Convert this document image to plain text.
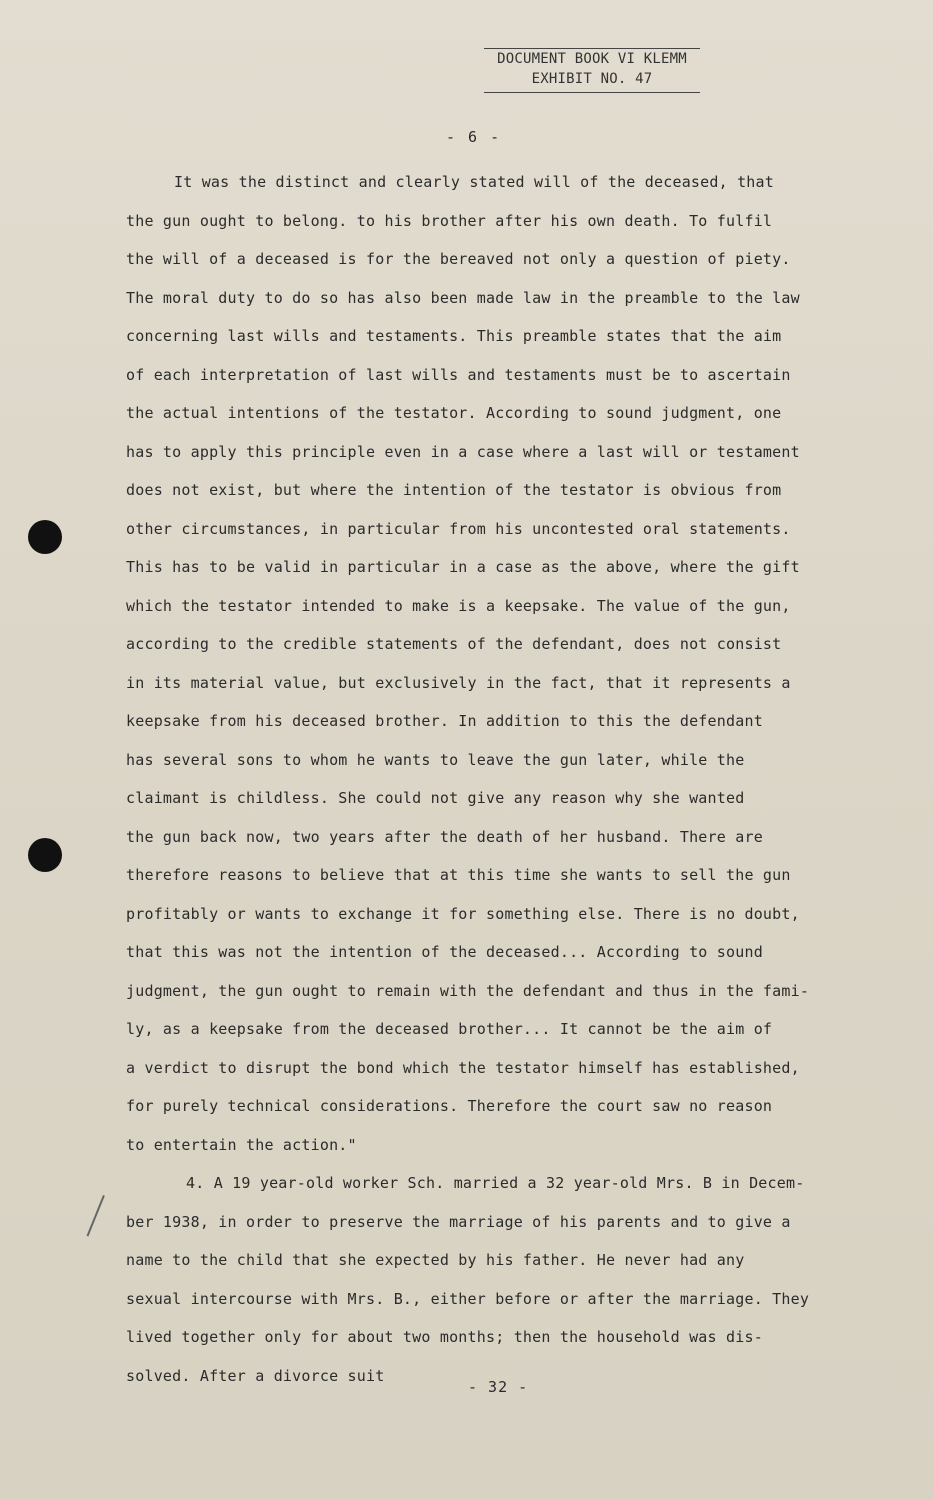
DOCUMENT BOOK VI KLEMM
EXHIBIT NO. 47
- 6 -
It was the distinct and clearly stated will of the deceased, that
the gun ought to belong. to his brother after his own death. To fulfil
the will of a deceased is for the bereaved not only a question of piety.
The moral duty to do so has also been made law in the preamble to the law
concerning last wills and testaments. This preamble states that the aim
of each interpretation of last wills and testaments must be to ascertain
the actual intentions of the testator. According to sound judgment, one
has to apply this principle even in a case where a last will or testament
does not exist, but where the intention of the testator is obvious from
other circumstances, in particular from his uncontested oral statements.
This has to be valid in particular in a case as the above, where the gift
which the testator intended to make is a keepsake. The value of the gun,
according to the credible statements of the defendant, does not consist
in its material value, but exclusively in the fact, that it represents a
keepsake from his deceased brother. In addition to this the defendant
has several sons to whom he wants to leave the gun later, while the
claimant is childless. She could not give any reason why she wanted
the gun back now, two years after the death of her husband. There are
therefore reasons to believe that at this time she wants to sell the gun
profitably or wants to exchange it for something else. There is no doubt,
that this was not the intention of the deceased... According to sound
judgment, the gun ought to remain with the defendant and thus in the fami-
ly, as a keepsake from the deceased brother... It cannot be the aim of
a verdict to disrupt the bond which the testator himself has established,
for purely technical considerations. Therefore the court saw no reason
to entertain the action."
4. A 19 year-old worker Sch. married a 32 year-old Mrs. B in Decem-
ber 1938, in order to preserve the marriage of his parents and to give a
name to the child that she expected by his father. He never had any
sexual intercourse with Mrs. B., either before or after the marriage. They
lived together only for about two months; then the household was dis-
solved. After a divorce suit
- 32 -
